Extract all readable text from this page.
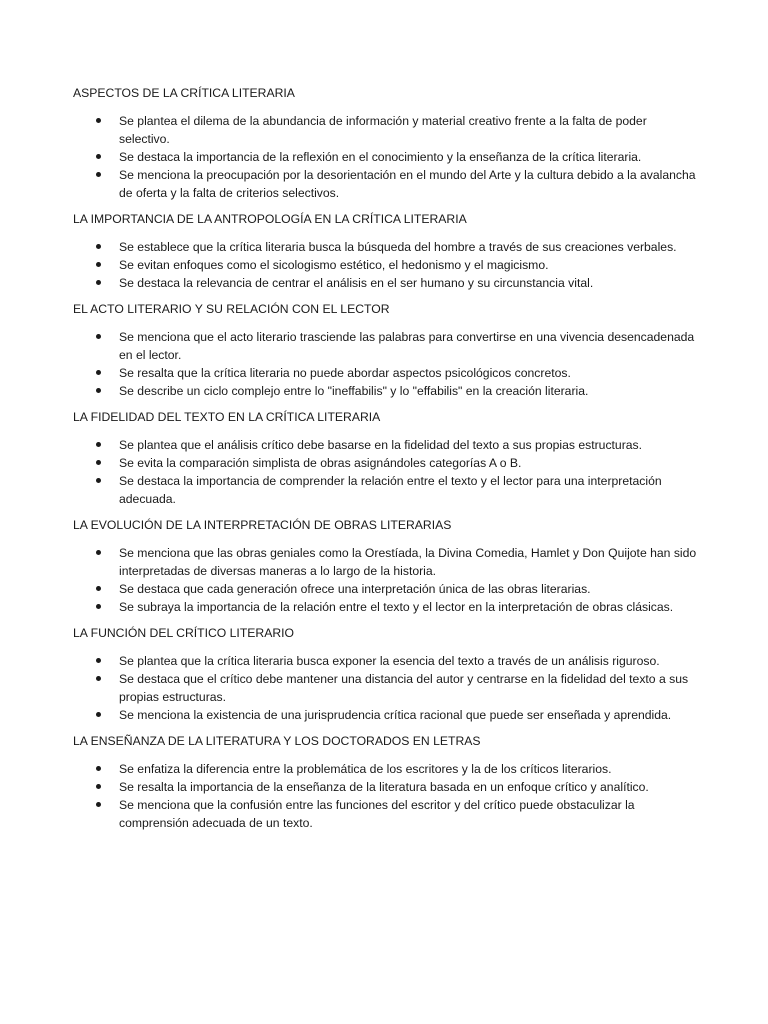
ASPECTOS DE LA CRÍTICA LITERARIA
Se plantea el dilema de la abundancia de información y material creativo frente a la falta de poder selectivo.
Se destaca la importancia de la reflexión en el conocimiento y la enseñanza de la crítica literaria.
Se menciona la preocupación por la desorientación en el mundo del Arte y la cultura debido a la avalancha de oferta y la falta de criterios selectivos.
LA IMPORTANCIA DE LA ANTROPOLOGÍA EN LA CRÍTICA LITERARIA
Se establece que la crítica literaria busca la búsqueda del hombre a través de sus creaciones verbales.
Se evitan enfoques como el sicologismo estético, el hedonismo y el magicismo.
Se destaca la relevancia de centrar el análisis en el ser humano y su circunstancia vital.
EL ACTO LITERARIO Y SU RELACIÓN CON EL LECTOR
Se menciona que el acto literario trasciende las palabras para convertirse en una vivencia desencadenada en el lector.
Se resalta que la crítica literaria no puede abordar aspectos psicológicos concretos.
Se describe un ciclo complejo entre lo "ineffabilis" y lo "effabilis" en la creación literaria.
LA FIDELIDAD DEL TEXTO EN LA CRÍTICA LITERARIA
Se plantea que el análisis crítico debe basarse en la fidelidad del texto a sus propias estructuras.
Se evita la comparación simplista de obras asignándoles categorías A o B.
Se destaca la importancia de comprender la relación entre el texto y el lector para una interpretación adecuada.
LA EVOLUCIÓN DE LA INTERPRETACIÓN DE OBRAS LITERARIAS
Se menciona que las obras geniales como la Orestíada, la Divina Comedia, Hamlet y Don Quijote han sido interpretadas de diversas maneras a lo largo de la historia.
Se destaca que cada generación ofrece una interpretación única de las obras literarias.
Se subraya la importancia de la relación entre el texto y el lector en la interpretación de obras clásicas.
LA FUNCIÓN DEL CRÍTICO LITERARIO
Se plantea que la crítica literaria busca exponer la esencia del texto a través de un análisis riguroso.
Se destaca que el crítico debe mantener una distancia del autor y centrarse en la fidelidad del texto a sus propias estructuras.
Se menciona la existencia de una jurisprudencia crítica racional que puede ser enseñada y aprendida.
LA ENSEÑANZA DE LA LITERATURA Y LOS DOCTORADOS EN LETRAS
Se enfatiza la diferencia entre la problemática de los escritores y la de los críticos literarios.
Se resalta la importancia de la enseñanza de la literatura basada en un enfoque crítico y analítico.
Se menciona que la confusión entre las funciones del escritor y del crítico puede obstaculizar la comprensión adecuada de un texto.
